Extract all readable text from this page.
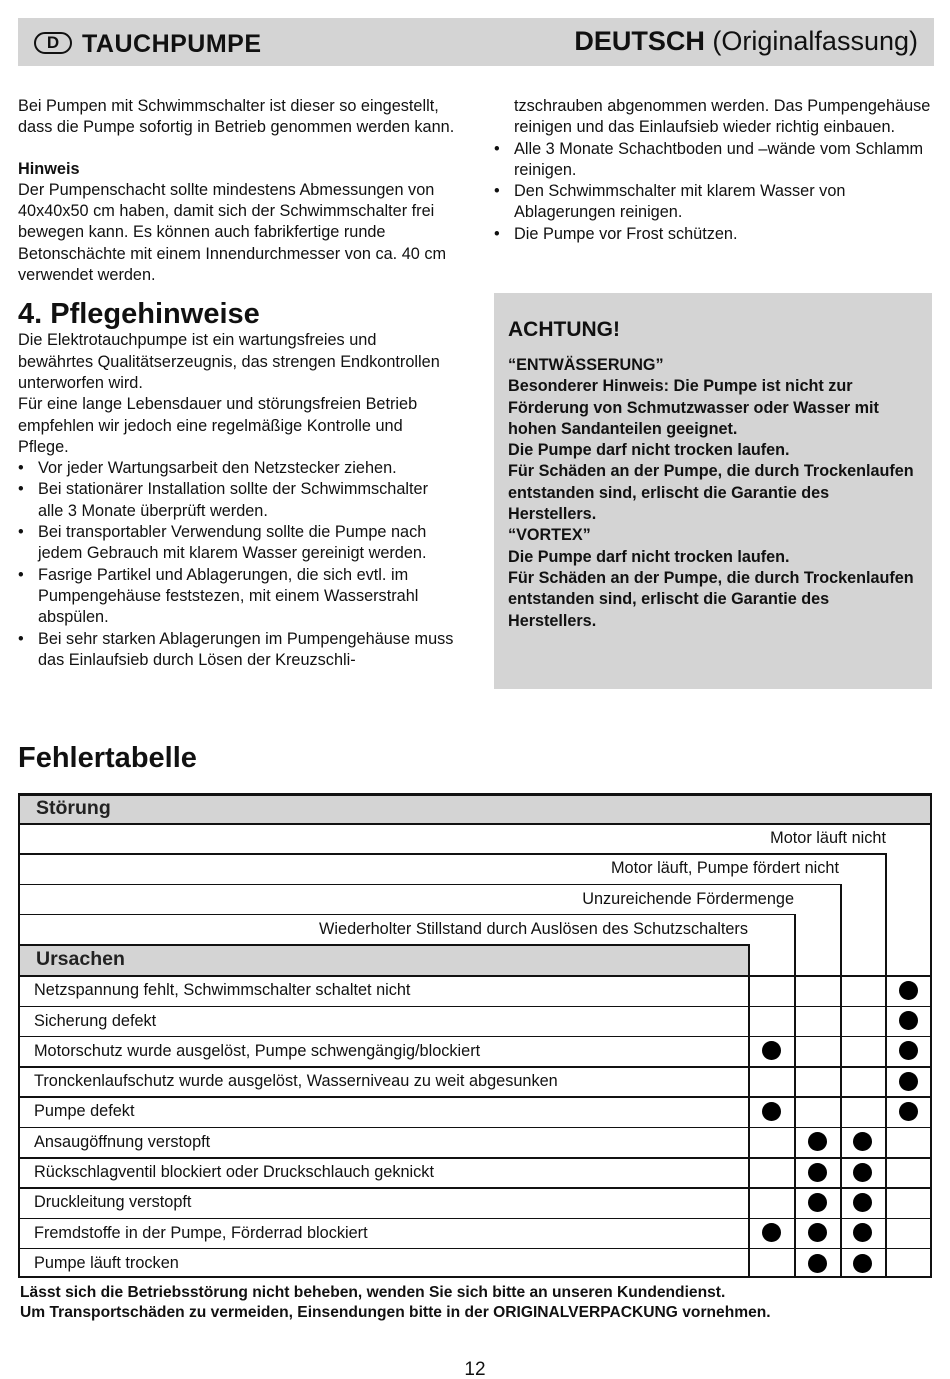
D TAUCHPUMPE	DEUTSCH (Originalfassung)

Bei Pumpen mit Schwimmschalter ist dieser so eingestellt, dass die Pumpe sofortig in Betrieb genommen werden kann.

Hinweis

Der Pumpenschacht sollte mindestens Abmessungen von 40x40x50 cm haben, damit sich der Schwimmschalter frei bewegen kann. Es können auch fabrikfertige runde Betonschächte mit einem Innendurchmesser von ca. 40 cm verwendet werden.

4. Pflegehinweise

Die Elektrotauchpumpe ist ein wartungsfreies und bewährtes Qualitätserzeugnis, das strengen Endkontrollen unterworfen wird.

Für eine lange Lebensdauer und störungsfreien Betrieb empfehlen wir jedoch eine regelmäßige Kontrolle und Pflege.

• Vor jeder Wartungsarbeit den Netzstecker ziehen.
• Bei stationärer Installation sollte der Schwimmschalter alle 3 Monate überprüft werden.
• Bei transportabler Verwendung sollte die Pumpe nach jedem Gebrauch mit klarem Wasser gereinigt werden.
• Fasrige Partikel und Ablagerungen, die sich evtl. im Pumpengehäuse feststezen, mit einem Wasserstrahl abspülen.
• Bei sehr starken Ablagerungen im Pumpengehäuse muss das Einlaufsieb durch Lösen der Kreuzschli-

tzschrauben abgenommen werden. Das Pumpengehäuse reinigen und das Einlaufsieb wieder richtig einbauen.

• Alle 3 Monate Schachtboden und –wände vom Schlamm reinigen.
• Den Schwimmschalter mit klarem Wasser von Ablagerungen reinigen.
• Die Pumpe vor Frost schützen.
ACHTUNG!

“ENTWÄSSERUNG”

Besonderer Hinweis: Die Pumpe ist nicht zur Förderung von Schmutzwasser oder Wasser mit hohen Sandanteilen geeignet.

Die Pumpe darf nicht trocken laufen.

Für Schäden an der Pumpe, die durch Trockenlaufen entstanden sind, erlischt die Garantie des Herstellers.

“VORTEX”

Die Pumpe darf nicht trocken laufen.

Für Schäden an der Pumpe, die durch Trockenlaufen entstanden sind, erlischt die Garantie des Herstellers.

Fehlertabelle
Störung
Motor läuft nicht
Motor läuft, Pumpe fördert nicht
Unzureichende Fördermenge
Wiederholter Stillstand durch Auslösen des Schutzschalters
Ursachen
Netzspannung fehlt, Schwimmschalter schaltet nicht
Sicherung defekt
Motorschutz wurde ausgelöst, Pumpe schwengängig/blockiert
Tronckenlaufschutz wurde ausgelöst, Wasserniveau zu weit abgesunken
Pumpe defekt
Ansaugöffnung verstopft
Rückschlagventil blockiert oder Druckschlauch geknickt
Druckleitung verstopft
Fremdstoffe in der Pumpe, Förderrad blockiert
Pumpe läuft trocken

Lässt sich die Betriebsstörung nicht beheben, wenden Sie sich bitte an unseren Kundendienst.

Um Transportschäden zu vermeiden, Einsendungen bitte in der ORIGINALVERPACKUNG vornehmen.

12
